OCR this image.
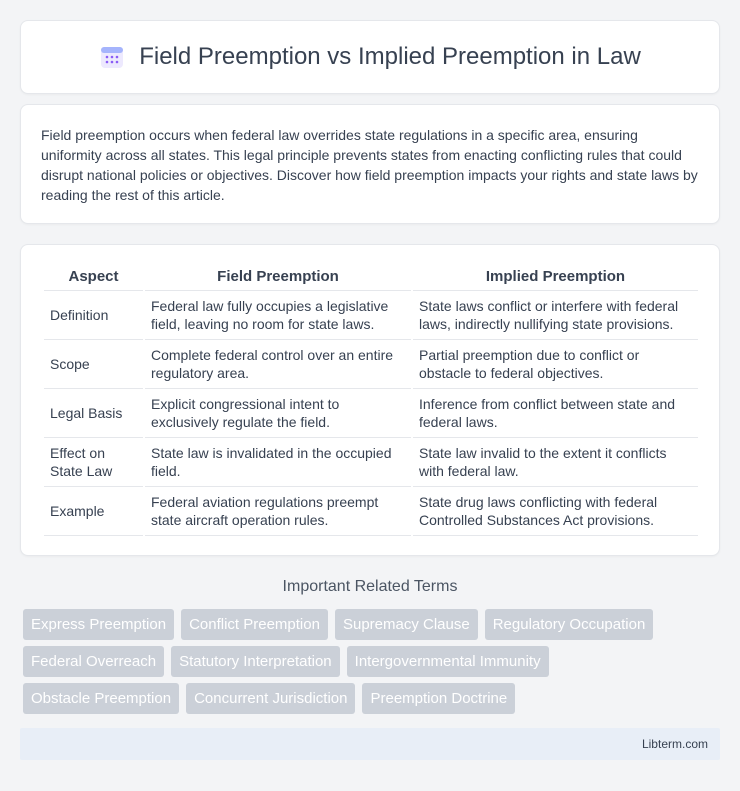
Field Preemption vs Implied Preemption in Law

Field preemption occurs when federal law overrides state regulations in a specific area, ensuring uniformity across all states. This legal principle prevents states from enacting conflicting rules that could disrupt national policies or objectives. Discover how field preemption impacts your rights and state laws by reading the rest of this article.

Aspect	Field Preemption	Implied Preemption
Definition	Federal law fully occupies a legislative field, leaving no room for state laws.	State laws conflict or interfere with federal laws, indirectly nullifying state provisions.
Scope	Complete federal control over an entire regulatory area.	Partial preemption due to conflict or obstacle to federal objectives.
Legal Basis	Explicit congressional intent to exclusively regulate the field.	Inference from conflict between state and federal laws.
Effect on State Law	State law is invalidated in the occupied field.	State law invalid to the extent it conflicts with federal law.
Example	Federal aviation regulations preempt state aircraft operation rules.	State drug laws conflicting with federal Controlled Substances Act provisions.
Important Related Terms
Express Preemption	Conflict Preemption	Supremacy Clause	Regulatory Occupation
Federal Overreach	Statutory Interpretation	Intergovernmental Immunity
Obstacle Preemption	Concurrent Jurisdiction	Preemption Doctrine
Libterm.com
